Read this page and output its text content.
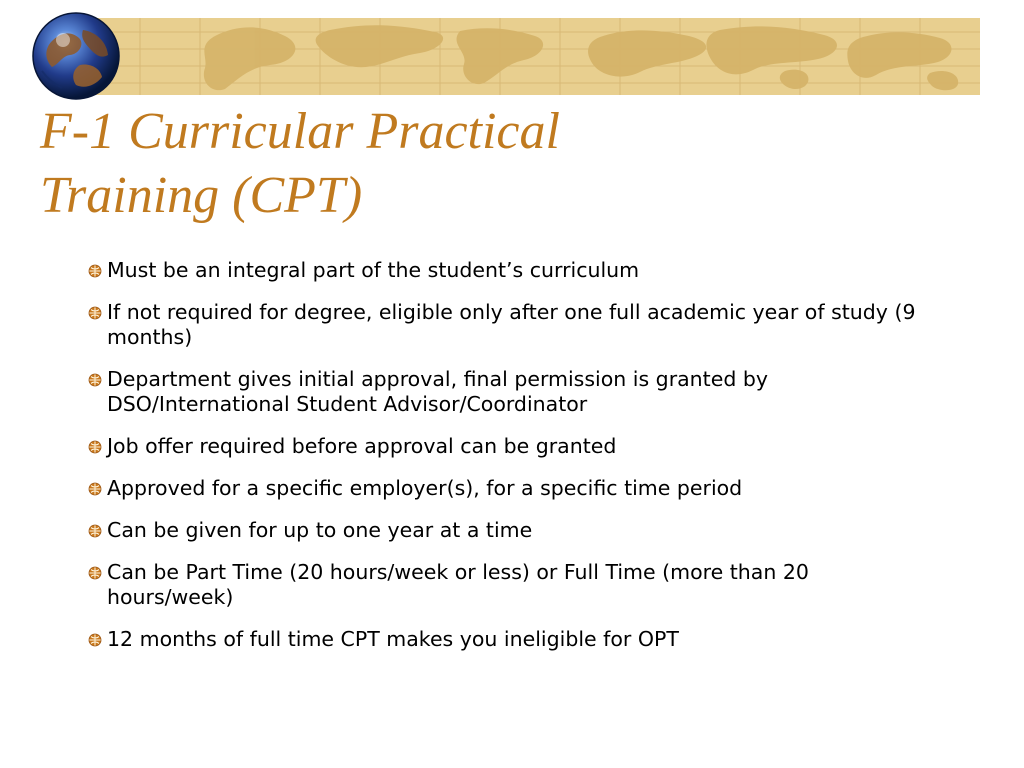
F-1 Curricular Practical
Training (CPT)
Must be an integral part of the student’s curriculum
If not required for degree, eligible only after one full academic year of study (9 months)
Department gives initial approval, final permission is granted by DSO/International Student Advisor/Coordinator
Job offer required before approval can be granted
Approved for a specific employer(s), for a specific time period
Can be given for up to one year at a time
Can be Part Time (20 hours/week or less) or Full Time (more than 20 hours/week)
12 months of full time CPT makes you ineligible for OPT
